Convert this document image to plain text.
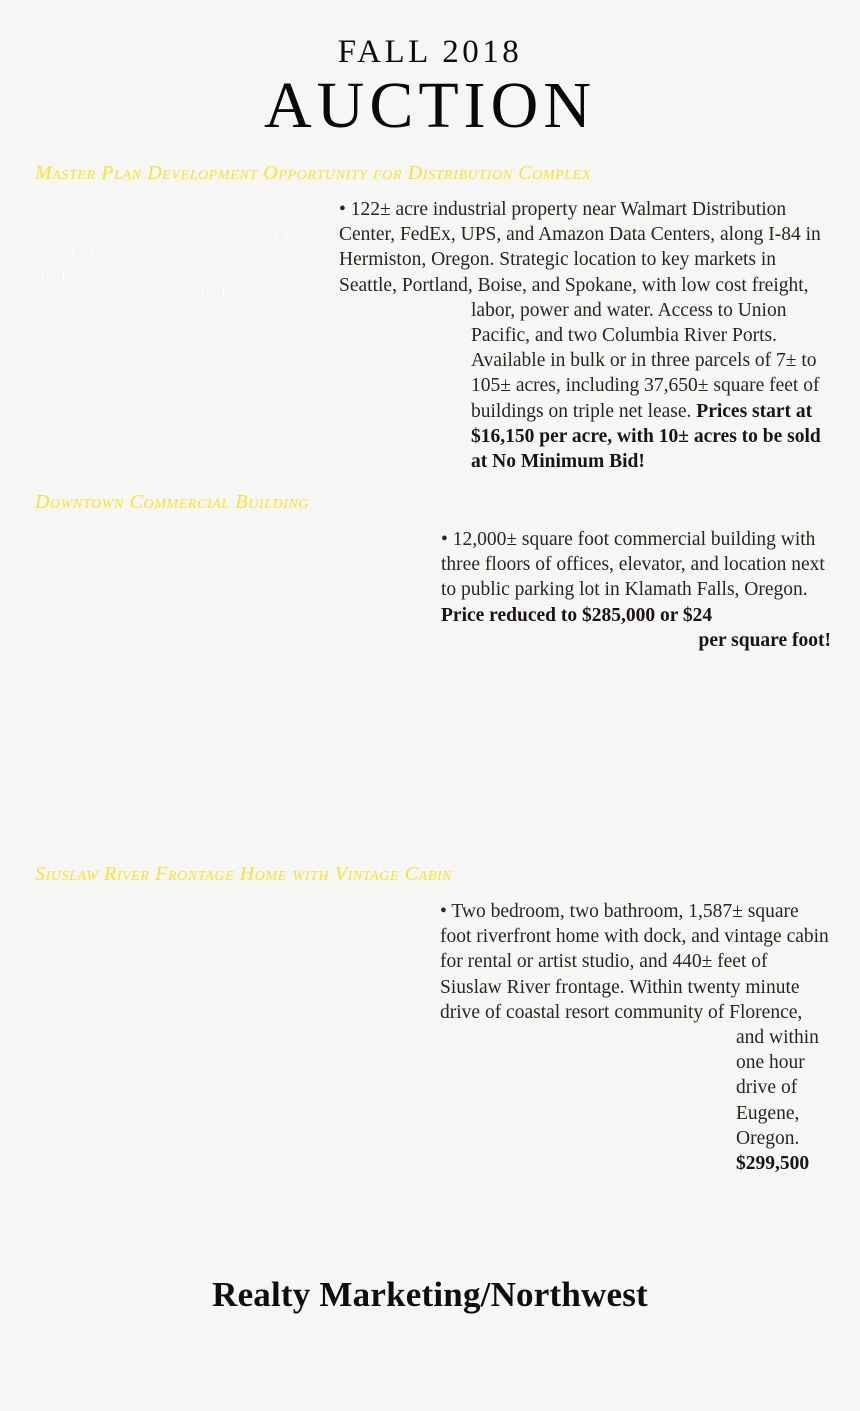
FALL 2018
AUCTION
Master Plan Development Opportunity for Distribution Complex
• 122± acre industrial property near Walmart Distribution Center, FedEx, UPS, and Amazon Data Centers, along I-84 in Hermiston, Oregon. Strategic location to key markets in Seattle, Portland, Boise, and Spokane, with low cost freight, labor, power and water. Access to Union Pacific, and two Columbia River Ports. Available in bulk or in three parcels of 7± to 105± acres, including 37,650± square feet of buildings on triple net lease. Prices start at $16,150 per acre, with 10± acres to be sold at No Minimum Bid!
I-82
I-84
Rail
Rail
Downtown Commercial Building
• 12,000± square foot commercial building with three floors of offices, elevator, and location next to public parking lot in Klamath Falls, Oregon. Price reduced to $285,000 or $24
per square foot!
Siuslaw River Frontage Home with Vintage Cabin
• Two bedroom, two bathroom, 1,587± square foot riverfront home with dock, and vintage cabin for rental or artist studio, and 440± feet of Siuslaw River frontage. Within twenty minute drive of coastal resort community of Florence,
and within one hour drive of Eugene, Oregon. $299,500
Realty Marketing/Northwest
